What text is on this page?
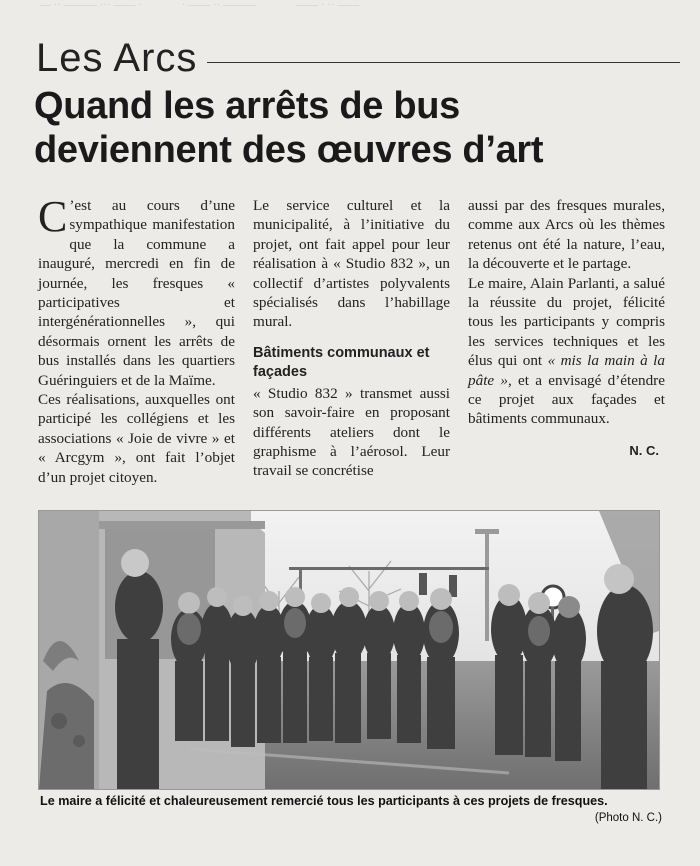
— ·· ——— ··· —— ·	· —— ·· ———	—— · ·· ——
Les Arcs
Quand les arrêts de bus
deviennent des œuvres d’art

C ’est au cours d’une sympathique manifestation que la commune a inauguré, mercredi en fin de journée, les fresques « participatives et intergénérationnelles », qui désormais ornent les arrêts de bus installés dans les quartiers Guéringuiers et de la Maïme.

Ces réalisations, auxquelles ont participé les collégiens et les associations « Joie de vivre » et « Arcgym », ont fait l’objet d’un projet citoyen.

Le service culturel et la municipalité, à l’initiative du projet, ont fait appel pour leur réalisation à « Studio 832 », un collectif d’artistes polyvalents spécialisés dans l’habillage mural.

Bâtiments communaux et façades

« Studio 832 » transmet aussi son savoir-faire en proposant différents ateliers dont le graphisme à l’aérosol. Leur travail se concrétise

aussi par des fresques murales, comme aux Arcs où les thèmes retenus ont été la nature, l’eau, la découverte et le partage.

Le maire, Alain Parlanti, a salué la réussite du projet, félicité tous les participants y compris les services techniques et les élus qui ont « mis la main à la pâte », et a envisagé d’étendre ce projet aux façades et bâtiments communaux.

N. C.
Le maire a félicité et chaleureusement remercié tous les participants à ces projets de fresques.
(Photo N. C.)
